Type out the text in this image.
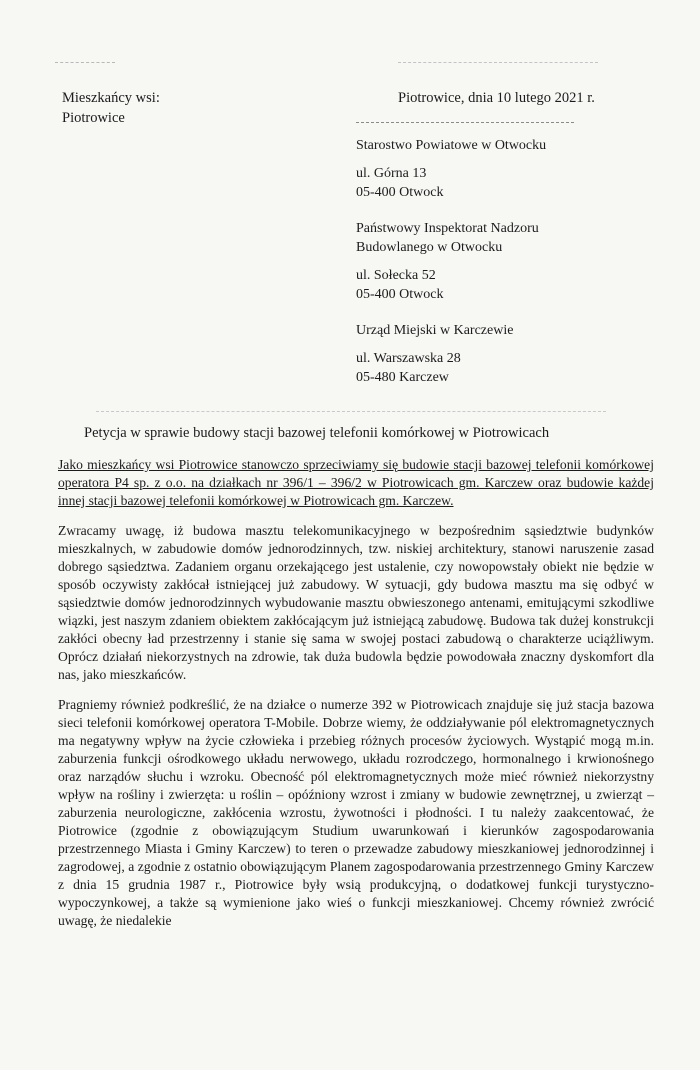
Mieszkańcy wsi:
Piotrowice
Piotrowice, dnia 10 lutego 2021 r.
Starostwo Powiatowe w Otwocku
ul. Górna 13
05-400 Otwock
Państwowy Inspektorat Nadzoru Budowlanego w Otwocku
ul. Sołecka 52
05-400 Otwock
Urząd Miejski w Karczewie
ul. Warszawska 28
05-480 Karczew
Petycja w sprawie budowy stacji bazowej telefonii komórkowej w Piotrowicach

Jako mieszkańcy wsi Piotrowice stanowczo sprzeciwiamy się budowie stacji bazowej telefonii komórkowej operatora P4 sp. z o.o. na działkach nr 396/1 – 396/2 w Piotrowicach gm. Karczew oraz budowie każdej innej stacji bazowej telefonii komórkowej w Piotrowicach gm. Karczew.

Zwracamy uwagę, iż budowa masztu telekomunikacyjnego w bezpośrednim sąsiedztwie budynków mieszkalnych, w zabudowie domów jednorodzinnych, tzw. niskiej architektury, stanowi naruszenie zasad dobrego sąsiedztwa. Zadaniem organu orzekającego jest ustalenie, czy nowopowstały obiekt nie będzie w sposób oczywisty zakłócał istniejącej już zabudowy. W sytuacji, gdy budowa masztu ma się odbyć w sąsiedztwie domów jednorodzinnych wybudowanie masztu obwieszonego antenami, emitującymi szkodliwe wiązki, jest naszym zdaniem obiektem zakłócającym już istniejącą zabudowę. Budowa tak dużej konstrukcji zakłóci obecny ład przestrzenny i stanie się sama w swojej postaci zabudową o charakterze uciążliwym. Oprócz działań niekorzystnych na zdrowie, tak duża budowla będzie powodowała znaczny dyskomfort dla nas, jako mieszkańców.

Pragniemy również podkreślić, że na działce o numerze 392 w Piotrowicach znajduje się już stacja bazowa sieci telefonii komórkowej operatora T-Mobile. Dobrze wiemy, że oddziaływanie pól elektromagnetycznych ma negatywny wpływ na życie człowieka i przebieg różnych procesów życiowych. Wystąpić mogą m.in. zaburzenia funkcji ośrodkowego układu nerwowego, układu rozrodczego, hormonalnego i krwionośnego oraz narządów słuchu i wzroku. Obecność pól elektromagnetycznych może mieć również niekorzystny wpływ na rośliny i zwierzęta: u roślin – opóźniony wzrost i zmiany w budowie zewnętrznej, u zwierząt – zaburzenia neurologiczne, zakłócenia wzrostu, żywotności i płodności. I tu należy zaakcentować, że Piotrowice (zgodnie z obowiązującym Studium uwarunkowań i kierunków zagospodarowania przestrzennego Miasta i Gminy Karczew) to teren o przewadze zabudowy mieszkaniowej jednorodzinnej i zagrodowej, a zgodnie z ostatnio obowiązującym Planem zagospodarowania przestrzennego Gminy Karczew z dnia 15 grudnia 1987 r., Piotrowice były wsią produkcyjną, o dodatkowej funkcji turystyczno-wypoczynkowej, a także są wymienione jako wieś o funkcji mieszkaniowej. Chcemy również zwrócić uwagę, że niedalekie
